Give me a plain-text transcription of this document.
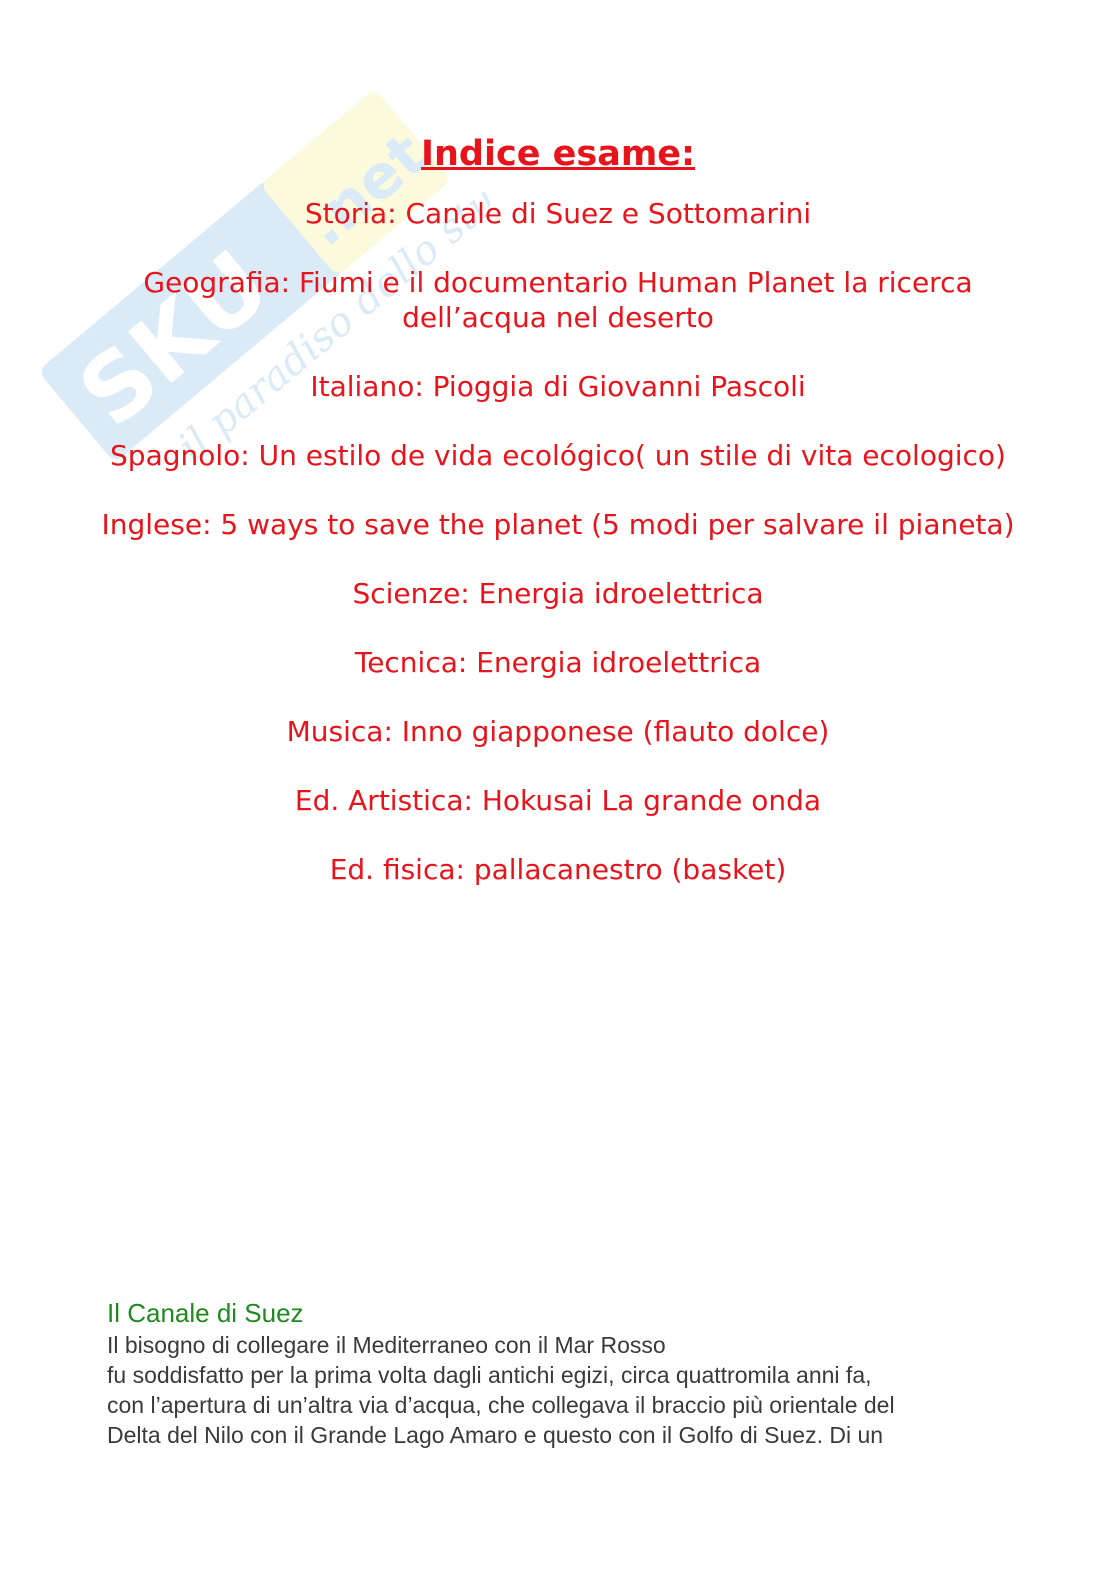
SKU
.net
il paradiso dello studente
Indice esame:

Storia: Canale di Suez e Sottomarini

Geografia: Fiumi e il documentario Human Planet la ricerca dell’acqua nel deserto

Italiano: Pioggia di Giovanni Pascoli

Spagnolo: Un estilo de vida ecológico( un stile di vita ecologico)

Inglese: 5 ways to save the planet (5 modi per salvare il pianeta)

Scienze: Energia idroelettrica

Tecnica: Energia idroelettrica

Musica: Inno giapponese (flauto dolce)

Ed. Artistica: Hokusai La grande onda

Ed. fisica: pallacanestro (basket)

Il Canale di Suez

Il bisogno di collegare il Mediterraneo con il Mar Rosso

fu soddisfatto per la prima volta dagli antichi egizi, circa quattromila anni fa,

con l’apertura di un’altra via d’acqua, che collegava il braccio più orientale del

Delta del Nilo con il Grande Lago Amaro e questo con il Golfo di Suez. Di un
